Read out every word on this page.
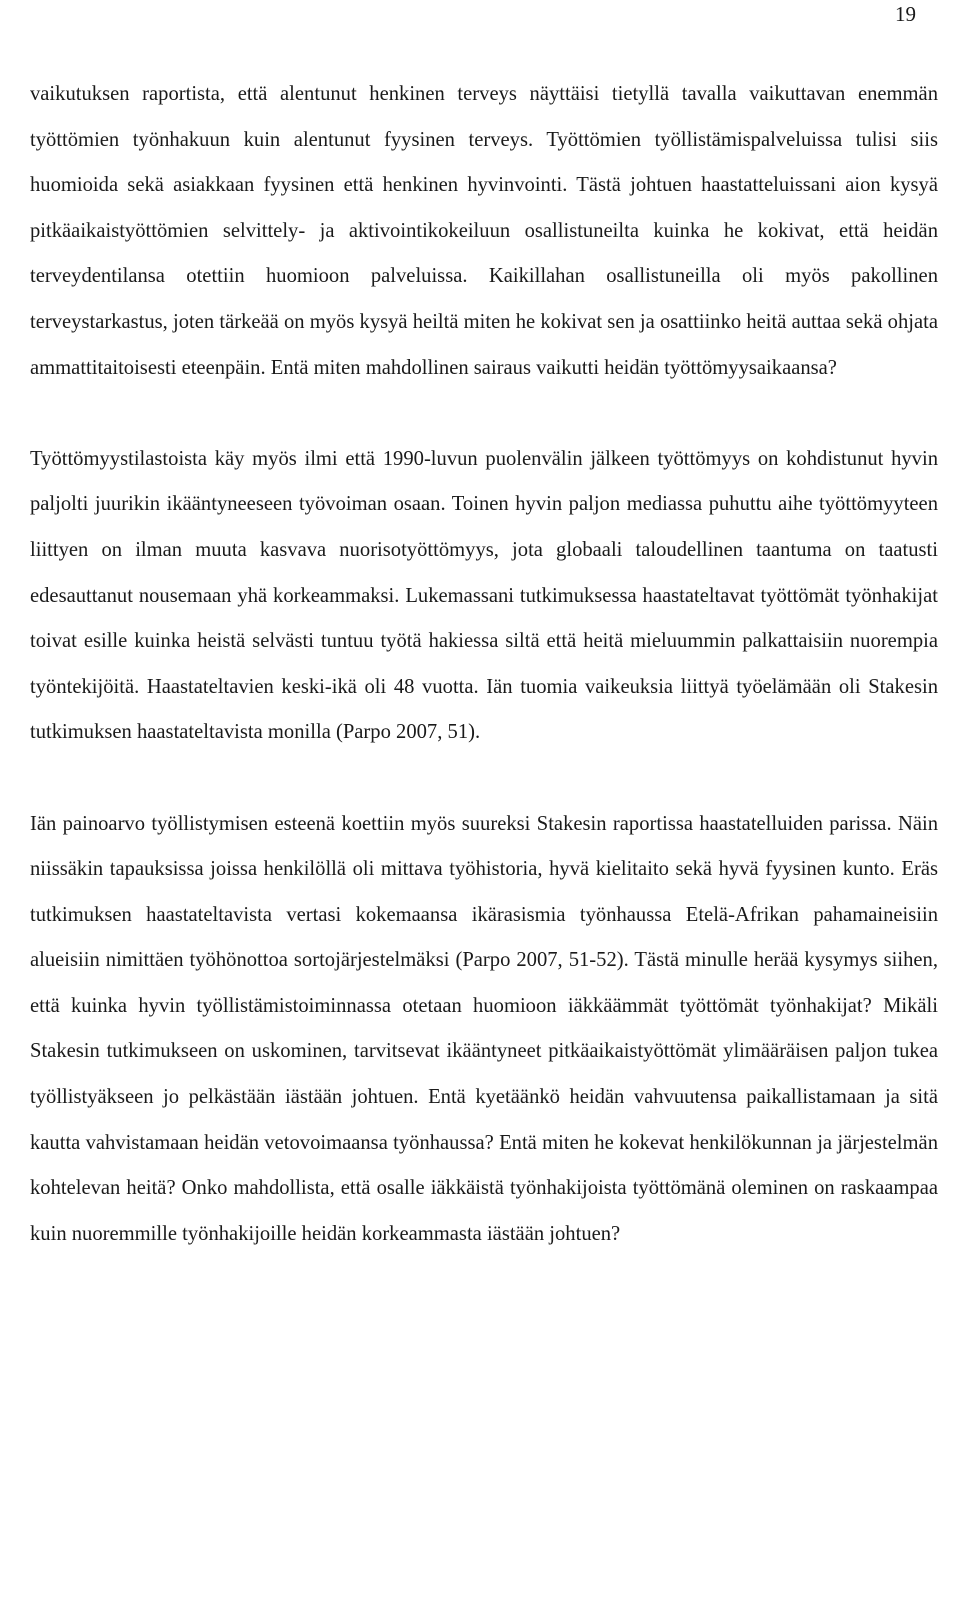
19

vaikutuksen raportista, että alentunut henkinen terveys näyttäisi tietyllä tavalla vaikuttavan enemmän työttömien työnhakuun kuin alentunut fyysinen terveys. Työttömien työllistämispalveluissa tulisi siis huomioida sekä asiakkaan fyysinen että henkinen hyvinvointi. Tästä johtuen haastatteluissani aion kysyä pitkäaikaistyöttömien selvittely- ja aktivointikokeiluun osallistuneilta kuinka he kokivat, että heidän terveydentilansa otettiin huomioon palveluissa. Kaikillahan osallistuneilla oli myös pakollinen terveystarkastus, joten tärkeää on myös kysyä heiltä miten he kokivat sen ja osattiinko heitä auttaa sekä ohjata ammattitaitoisesti eteenpäin. Entä miten mahdollinen sairaus vaikutti heidän työttömyysaikaansa?

Työttömyystilastoista käy myös ilmi että 1990-luvun puolenvälin jälkeen työttömyys on kohdistunut hyvin paljolti juurikin ikääntyneeseen työvoiman osaan. Toinen hyvin paljon mediassa puhuttu aihe työttömyyteen liittyen on ilman muuta kasvava nuorisotyöttömyys, jota globaali taloudellinen taantuma on taatusti edesauttanut nousemaan yhä korkeammaksi. Lukemassani tutkimuksessa haastateltavat työttömät työnhakijat toivat esille kuinka heistä selvästi tuntuu työtä hakiessa siltä että heitä mieluummin palkattaisiin nuorempia työntekijöitä. Haastateltavien keski-ikä oli 48 vuotta. Iän tuomia vaikeuksia liittyä työelämään oli Stakesin tutkimuksen haastateltavista monilla (Parpo 2007, 51).

Iän painoarvo työllistymisen esteenä koettiin myös suureksi Stakesin raportissa haastatelluiden parissa. Näin niissäkin tapauksissa joissa henkilöllä oli mittava työhistoria, hyvä kielitaito sekä hyvä fyysinen kunto. Eräs tutkimuksen haastateltavista vertasi kokemaansa ikärasismia työnhaussa Etelä-Afrikan pahamaineisiin alueisiin nimittäen työhönottoa sortojärjestelmäksi (Parpo 2007, 51-52). Tästä minulle herää kysymys siihen, että kuinka hyvin työllistämistoiminnassa otetaan huomioon iäkkäämmät työttömät työnhakijat? Mikäli Stakesin tutkimukseen on uskominen, tarvitsevat ikääntyneet pitkäaikaistyöttömät ylimääräisen paljon tukea työllistyäkseen jo pelkästään iästään johtuen. Entä kyetäänkö heidän vahvuutensa paikallistamaan ja sitä kautta vahvistamaan heidän vetovoimaansa työnhaussa? Entä miten he kokevat henkilökunnan ja järjestelmän kohtelevan heitä? Onko mahdollista, että osalle iäkkäistä työnhakijoista työttömänä oleminen on raskaampaa kuin nuoremmille työnhakijoille heidän korkeammasta iästään johtuen?
